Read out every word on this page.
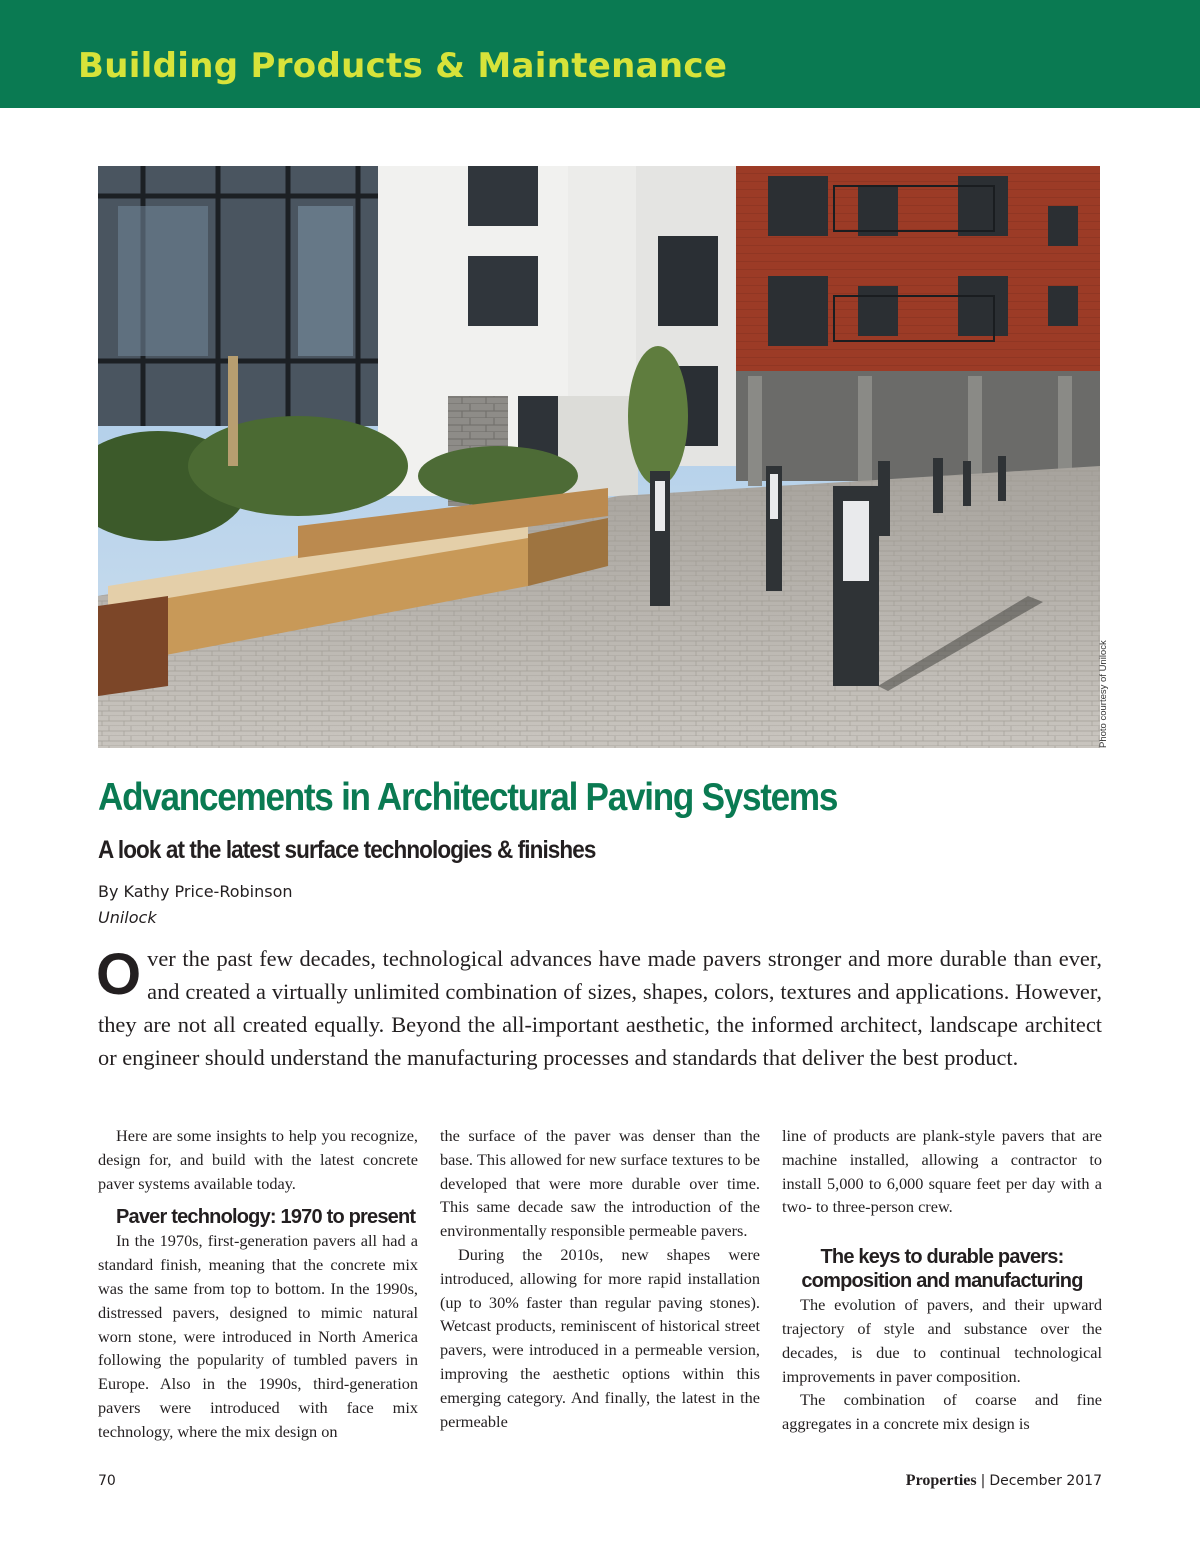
Building Products & Maintenance
Photo courtesy of Unilock
Advancements in Architectural Paving Systems
A look at the latest surface technologies & finishes
By Kathy Price-Robinson
Unilock
Over the past few decades, technological advances have made pavers stronger and more durable than ever, and created a virtually unlimited combination of sizes, shapes, colors, textures and applications. However, they are not all created equally. Beyond the all-important aesthetic, the informed architect, landscape architect or engineer should understand the manufacturing processes and standards that deliver the best product.

Here are some insights to help you recognize, design for, and build with the latest concrete paver systems available today.

Paver technology: 1970 to present

In the 1970s, first-generation pavers all had a standard finish, meaning that the concrete mix was the same from top to bottom. In the 1990s, distressed pavers, designed to mimic natural worn stone, were introduced in North America following the popularity of tumbled pavers in Europe. Also in the 1990s, third-generation pavers were introduced with face mix technology, where the mix design on

the surface of the paver was denser than the base. This allowed for new surface textures to be developed that were more durable over time. This same decade saw the introduction of the environmentally responsible permeable pavers.

During the 2010s, new shapes were introduced, allowing for more rapid installation (up to 30% faster than regular paving stones). Wetcast products, reminiscent of historical street pavers, were introduced in a permeable version, improving the aesthetic options within this emerging category. And finally, the latest in the permeable

line of products are plank-style pavers that are machine installed, allowing a contractor to install 5,000 to 6,000 square feet per day with a two- to three-person crew.

The keys to durable pavers:
composition and manufacturing

The evolution of pavers, and their upward trajectory of style and substance over the decades, is due to continual technological improvements in paver composition.

The combination of coarse and fine aggregates in a concrete mix design is

70	Properties | December 2017
